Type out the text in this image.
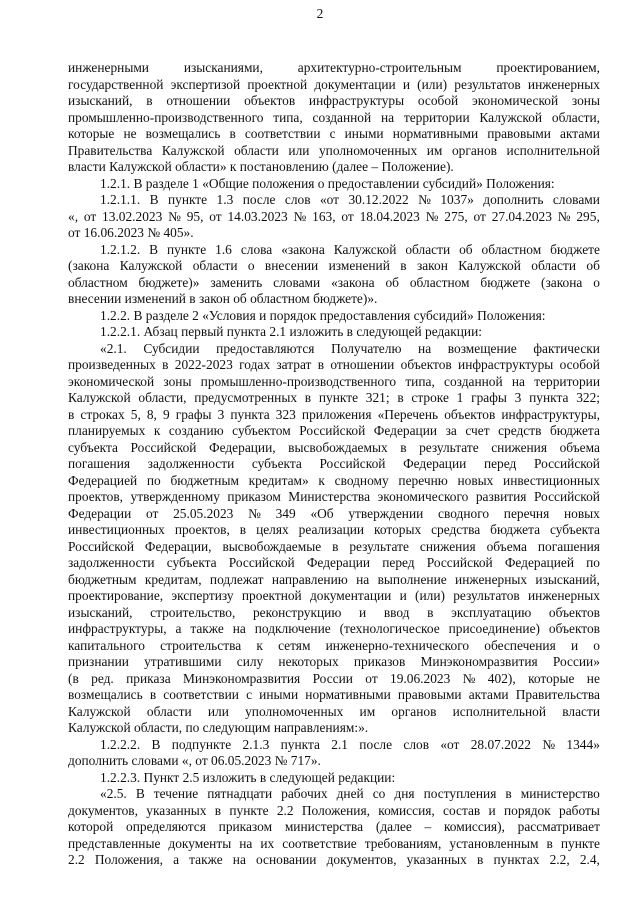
2
инженерными	изысканиями,	архитектурно-строительным	проектированием,
государственной экспертизой проектной документации и (или) результатов инженерных
изысканий, в отношении объектов инфраструктуры особой экономической зоны
промышленно-производственного типа, созданной на территории Калужской области,
которые не возмещались в соответствии с иными нормативными правовыми актами
Правительства Калужской области или уполномоченных им органов исполнительной
власти Калужской области» к постановлению (далее – Положение).
1.2.1. В разделе 1 «Общие положения о предоставлении субсидий» Положения:
1.2.1.1. В пункте 1.3 после слов «от 30.12.2022 № 1037» дополнить словами
«, от 13.02.2023 № 95, от 14.03.2023 № 163, от 18.04.2023 № 275, от 27.04.2023 № 295,
от 16.06.2023 № 405».
1.2.1.2. В пункте 1.6 слова «закона Калужской области об областном бюджете
(закона Калужской области о внесении изменений в закон Калужской области об
областном бюджете)» заменить словами «закона об областном бюджете (закона о
внесении изменений в закон об областном бюджете)».
1.2.2. В разделе 2 «Условия и порядок предоставления субсидий» Положения:
1.2.2.1. Абзац первый пункта 2.1 изложить в следующей редакции:
«2.1. Субсидии предоставляются Получателю на возмещение фактически
произведенных в 2022-2023 годах затрат в отношении объектов инфраструктуры особой
экономической зоны промышленно-производственного типа, созданной на территории
Калужской области, предусмотренных в пункте 321; в строке 1 графы 3 пункта 322;
в строках 5, 8, 9 графы 3 пункта 323 приложения «Перечень объектов инфраструктуры,
планируемых к созданию субъектом Российской Федерации за счет средств бюджета
субъекта Российской Федерации, высвобождаемых в результате снижения объема
погашения задолженности субъекта Российской Федерации перед Российской
Федерацией по бюджетным кредитам» к сводному перечню новых инвестиционных
проектов, утвержденному приказом Министерства экономического развития Российской
Федерации от 25.05.2023 № 349 «Об утверждении сводного перечня новых
инвестиционных проектов, в целях реализации которых средства бюджета субъекта
Российской Федерации, высвобождаемые в результате снижения объема погашения
задолженности субъекта Российской Федерации перед Российской Федерацией по
бюджетным кредитам, подлежат направлению на выполнение инженерных изысканий,
проектирование, экспертизу проектной документации и (или) результатов инженерных
изысканий, строительство, реконструкцию и ввод в эксплуатацию объектов
инфраструктуры, а также на подключение (технологическое присоединение) объектов
капитального строительства к сетям инженерно-технического обеспечения и о
признании утратившими силу некоторых приказов Минэкономразвития России»
(в ред. приказа Минэкономразвития России от 19.06.2023 № 402), которые не
возмещались в соответствии с иными нормативными правовыми актами Правительства
Калужской области или уполномоченных им органов исполнительной власти
Калужской области, по следующим направлениям:».
1.2.2.2. В подпункте 2.1.3 пункта 2.1 после слов «от 28.07.2022 № 1344»
дополнить словами «, от 06.05.2023 № 717».
1.2.2.3. Пункт 2.5 изложить в следующей редакции:
«2.5. В течение пятнадцати рабочих дней со дня поступления в министерство
документов, указанных в пункте 2.2 Положения, комиссия, состав и порядок работы
которой определяются приказом министерства (далее – комиссия), рассматривает
представленные документы на их соответствие требованиям, установленным в пункте
2.2 Положения, а также на основании документов, указанных в пунктах 2.2, 2.4,
